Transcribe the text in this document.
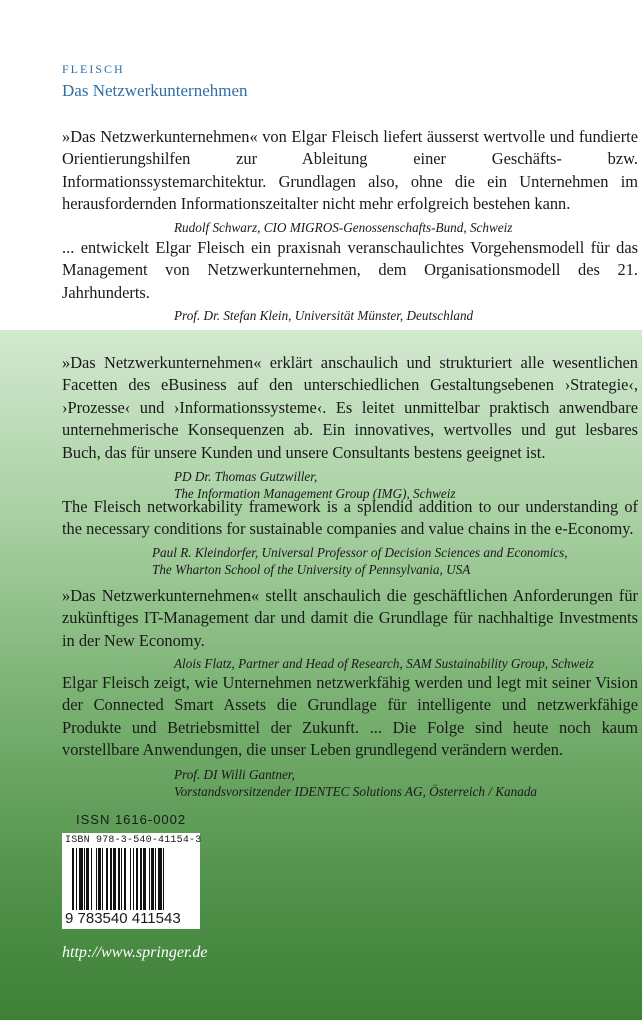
FLEISCH
Das Netzwerkunternehmen

»Das Netzwerkunternehmen« von Elgar Fleisch liefert äusserst wertvolle und fundierte Orientierungshilfen zur Ableitung einer Geschäfts- bzw. Informationssystemarchitektur. Grundlagen also, ohne die ein Unternehmen im herausfordernden Informationszeitalter nicht mehr erfolgreich bestehen kann.

Rudolf Schwarz, CIO MIGROS-Genossenschafts-Bund, Schweiz

... entwickelt Elgar Fleisch ein praxisnah veranschaulichtes Vorgehensmodell für das Management von Netzwerkunternehmen, dem Organisationsmodell des 21. Jahrhunderts.

Prof. Dr. Stefan Klein, Universität Münster, Deutschland

»Das Netzwerkunternehmen« erklärt anschaulich und strukturiert alle wesentlichen Facetten des eBusiness auf den unterschiedlichen Gestaltungsebenen ›Strategie‹, ›Prozesse‹ und ›Informationssysteme‹. Es leitet unmittelbar praktisch anwendbare unternehmerische Konsequenzen ab. Ein innovatives, wertvolles und gut lesbares Buch, das für unsere Kunden und unsere Consultants bestens geeignet ist.

PD Dr. Thomas Gutzwiller,
The Information Management Group (IMG), Schweiz

The Fleisch networkability framework is a splendid addition to our understanding of the necessary conditions for sustainable companies and value chains in the e-Economy.

Paul R. Kleindorfer, Universal Professor of Decision Sciences and Economics,
The Wharton School of the University of Pennsylvania, USA

»Das Netzwerkunternehmen« stellt anschaulich die geschäftlichen Anforderungen für zukünftiges IT-Management dar und damit die Grundlage für nachhaltige Investments in der New Economy.

Alois Flatz, Partner and Head of Research, SAM Sustainability Group, Schweiz

Elgar Fleisch zeigt, wie Unternehmen netzwerkfähig werden und legt mit seiner Vision der Connected Smart Assets die Grundlage für intelligente und netzwerkfähige Produkte und Betriebsmittel der Zukunft. ... Die Folge sind heute noch kaum vorstellbare Anwendungen, die unser Leben grundlegend verändern werden.

Prof. DI Willi Gantner,
Vorstandsvorsitzender IDENTEC Solutions AG, Österreich / Kanada
ISSN 1616-0002
ISBN 978-3-540-41154-3
9 783540 411543
http://www.springer.de
